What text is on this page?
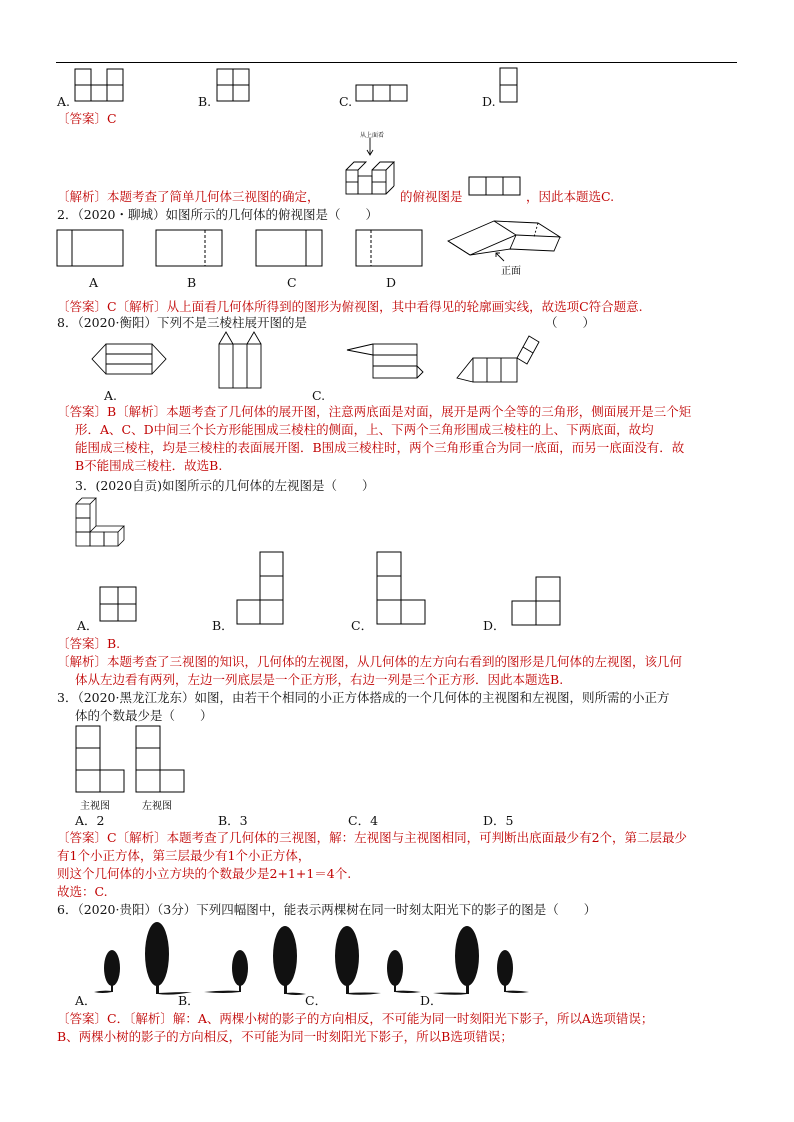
A.	B.	C.	D.
〔答案〕C
从上面看
〔解析〕本题考查了简单几何体三视图的确定，	的俯视图是	，因此本题选C.
2．（2020・聊城）如图所示的几何体的俯视图是（　　）
A	B	C	D
正面
〔答案〕C〔解析〕从上面看几何体所得到的图形为俯视图，其中看得见的轮廓画实线，故选项C符合题意.
8．（2020·衡阳）下列不是三棱柱展开图的是	（　　）
A.	C.
〔答案〕B〔解析〕本题考查了几何体的展开图，注意两底面是对面，展开是两个全等的三角形，侧面展开是三个矩
形．A、C、D中间三个长方形能围成三棱柱的侧面，上、下两个三角形围成三棱柱的上、下两底面，故均
能围成三棱柱，均是三棱柱的表面展开图．B围成三棱柱时，两个三角形重合为同一底面，而另一底面没有．故
B不能围成三棱柱．故选B.
3．(2020自贡)如图所示的几何体的左视图是（　　）
A．	B．	C．	D．
〔答案〕B.
〔解析〕本题考查了三视图的知识，几何体的左视图，从几何体的左方向右看到的图形是几何体的左视图，该几何
体从左边看有两列，左边一列底层是一个正方形，右边一列是三个正方形．因此本题选B.
3．（2020·黑龙江龙东）如图，由若干个相同的小正方体搭成的一个几何体的主视图和左视图，则所需的小正方
体的个数最少是（　　）
主视图	左视图
A．2	B．3	C．4	D．5
〔答案〕C〔解析〕本题考查了几何体的三视图，解：左视图与主视图相同，可判断出底面最少有2个，第二层最少
有1个小正方体，第三层最少有1个小正方体，
则这个几何体的小立方块的个数最少是2+1+1＝4个.
故选：C.
6．（2020·贵阳）（3分）下列四幅图中，能表示两棵树在同一时刻太阳光下的影子的图是（　　）
A．	B．	C．	D．
〔答案〕C．〔解析〕解：A、两棵小树的影子的方向相反，不可能为同一时刻阳光下影子，所以A选项错误；
B、两棵小树的影子的方向相反，不可能为同一时刻阳光下影子，所以B选项错误；
